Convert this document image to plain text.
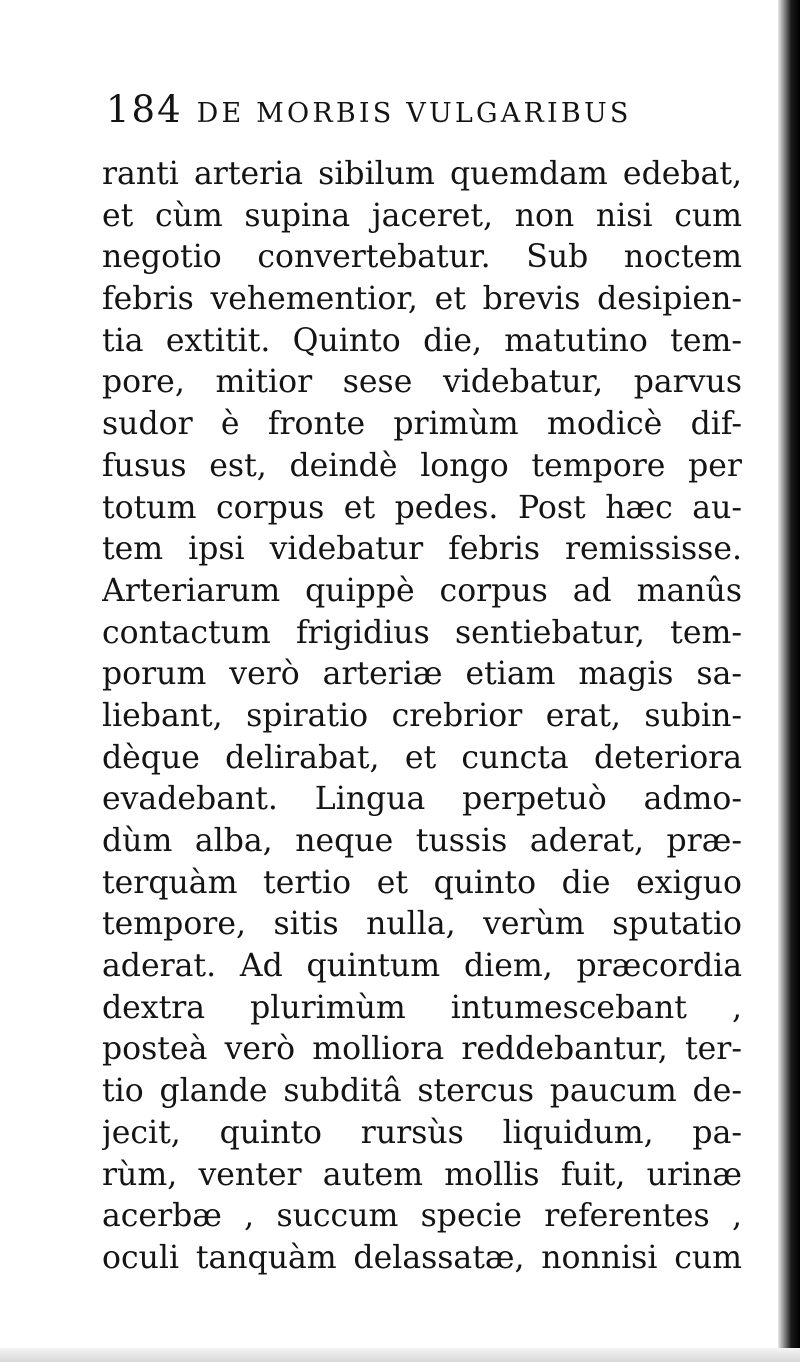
184 DE MORBIS VULGARIBUS
ranti arteria sibilum quemdam edebat,
et cùm supina jaceret, non nisi cum
negotio convertebatur. Sub noctem
febris vehementior, et brevis desipien-
tia extitit. Quinto die, matutino tem-
pore, mitior sese videbatur, parvus
sudor è fronte primùm modicè dif-
fusus est, deindè longo tempore per
totum corpus et pedes. Post hæc au-
tem ipsi videbatur febris remississe.
Arteriarum quippè corpus ad manûs
contactum frigidius sentiebatur, tem-
porum verò arteriæ etiam magis sa-
liebant, spiratio crebrior erat, subin-
dèque delirabat, et cuncta deteriora
evadebant. Lingua perpetuò admo-
dùm alba, neque tussis aderat, præ-
terquàm tertio et quinto die exiguo
tempore, sitis nulla, verùm sputatio
aderat. Ad quintum diem, præcordia
dextra plurimùm intumescebant ,
posteà verò molliora reddebantur, ter-
tio glande subditâ stercus paucum de-
jecit, quinto rursùs liquidum, pa-
rùm, venter autem mollis fuit, urinæ
acerbæ , succum specie referentes ,
oculi tanquàm delassatæ, nonnisi cum
